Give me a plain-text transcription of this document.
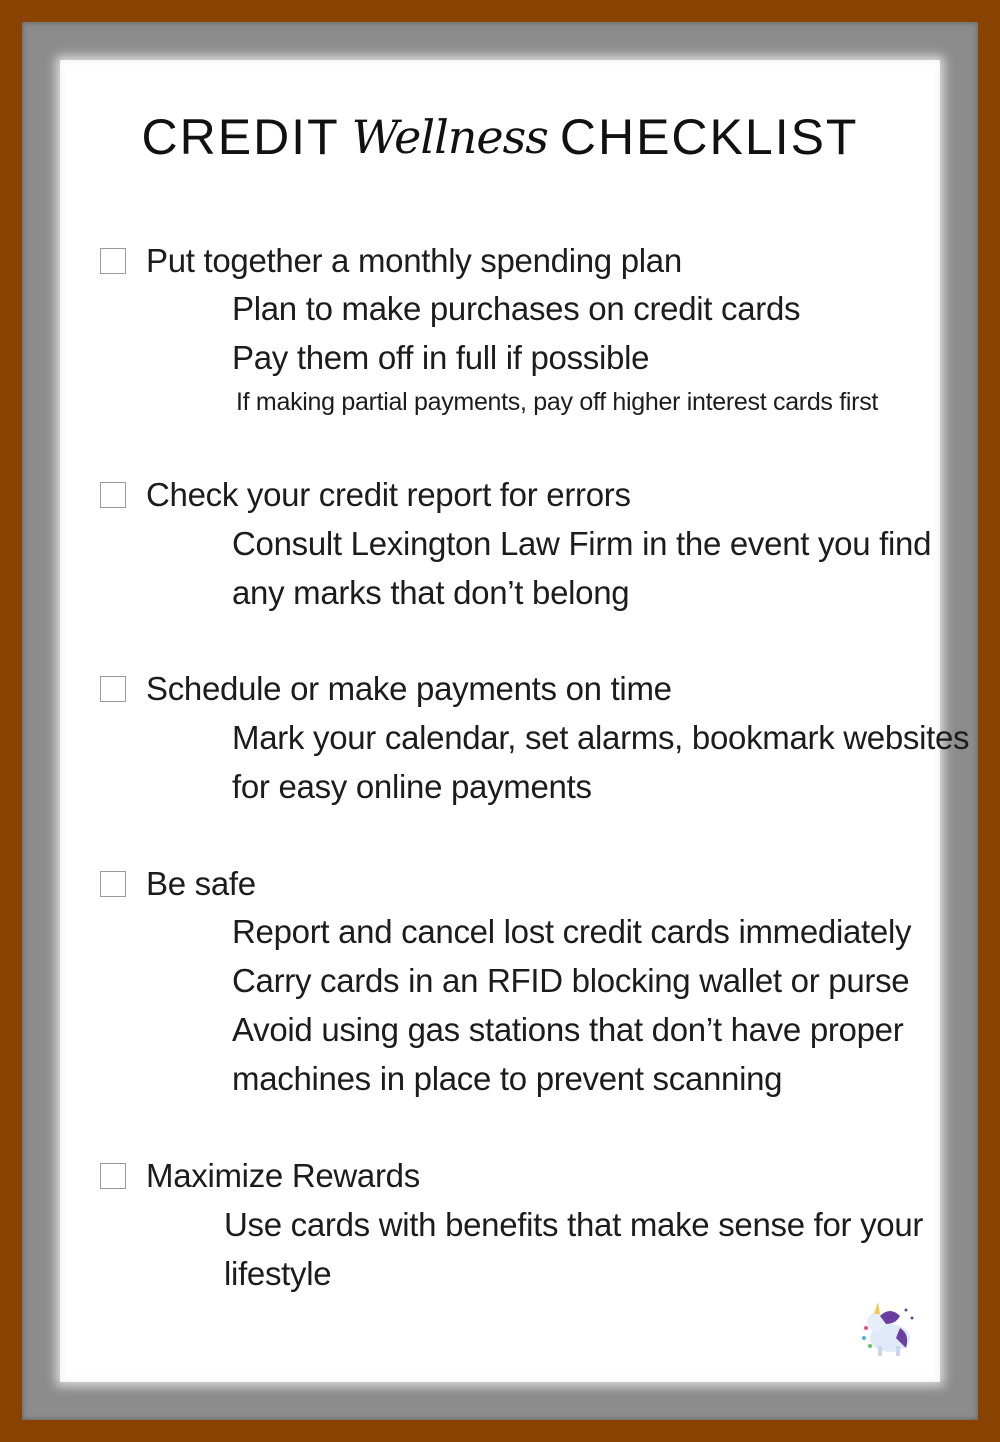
CREDIT Wellness CHECKLIST
Put together a monthly spending plan
Plan to make purchases on credit cards
Pay them off in full if possible
If making partial payments, pay off higher interest cards first
Check your credit report for errors
Consult Lexington Law Firm in the event you find
any marks that don’t belong
Schedule or make payments on time
Mark your calendar, set alarms, bookmark websites
for easy online payments
Be safe
Report and cancel lost credit cards immediately
Carry cards in an RFID blocking wallet or purse
Avoid using gas stations that don’t have proper
machines in place to prevent scanning
Maximize Rewards
Use cards with benefits that make sense for your
lifestyle
